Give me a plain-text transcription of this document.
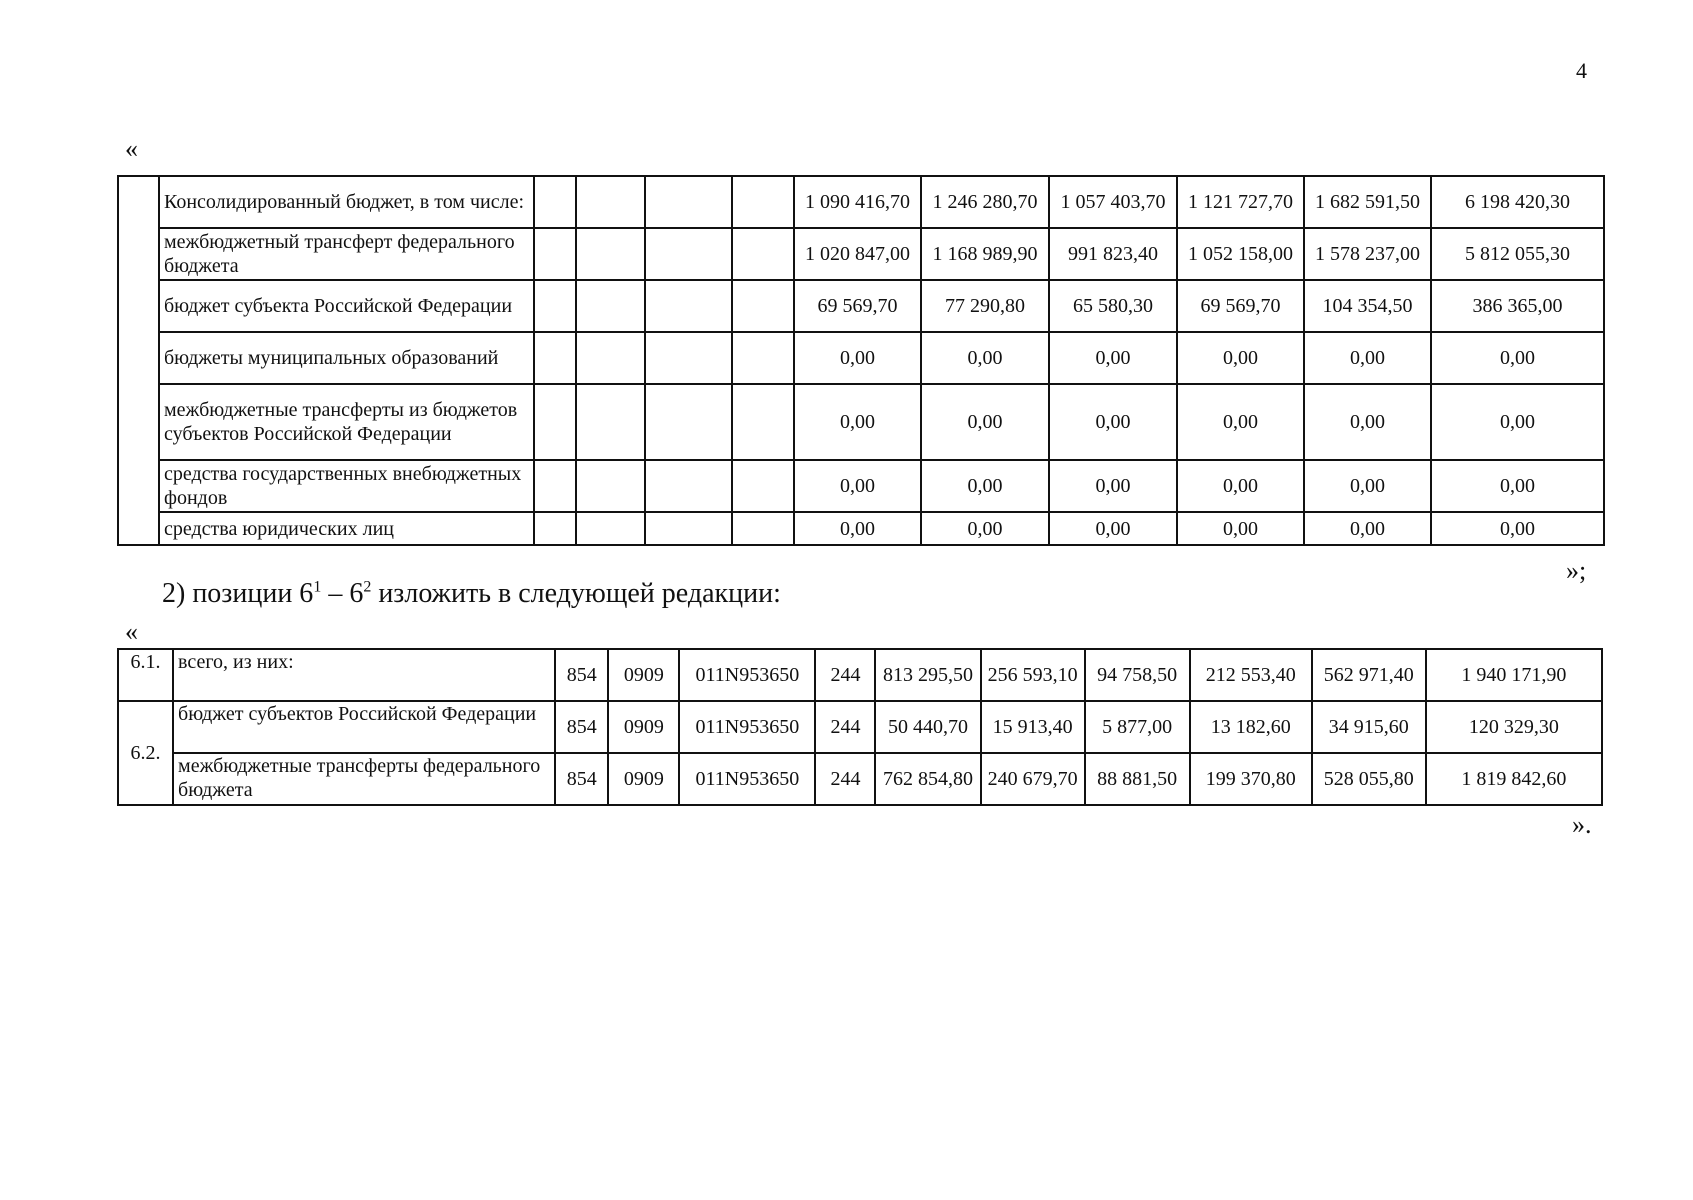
4
«
	Консолидированный бюджет, в том числе:					1 090 416,70	1 246 280,70	1 057 403,70	1 121 727,70	1 682 591,50	6 198 420,30
	межбюджетный трансферт федерального бюджета					1 020 847,00	1 168 989,90	991 823,40	1 052 158,00	1 578 237,00	5 812 055,30
	бюджет субъекта Российской Федерации					69 569,70	77 290,80	65 580,30	69 569,70	104 354,50	386 365,00
	бюджеты муниципальных образований					0,00	0,00	0,00	0,00	0,00	0,00
	межбюджетные трансферты из бюджетов субъектов Российской Федерации					0,00	0,00	0,00	0,00	0,00	0,00
	средства государственных внебюджетных фондов					0,00	0,00	0,00	0,00	0,00	0,00
	средства юридических лиц					0,00	0,00	0,00	0,00	0,00	0,00
»;
2) позиции $6^1 - 6^2$ изложить в следующей редакции:
«
6.1.	всего, из них:	854	0909	011N953650	244	813 295,50	256 593,10	94 758,50	212 553,40	562 971,40	1 940 171,90
6.2.	бюджет субъектов Российской Федерации	854	0909	011N953650	244	50 440,70	15 913,40	5 877,00	13 182,60	34 915,60	120 329,30
	межбюджетные трансферты федерального бюджета	854	0909	011N953650	244	762 854,80	240 679,70	88 881,50	199 370,80	528 055,80	1 819 842,60
».
